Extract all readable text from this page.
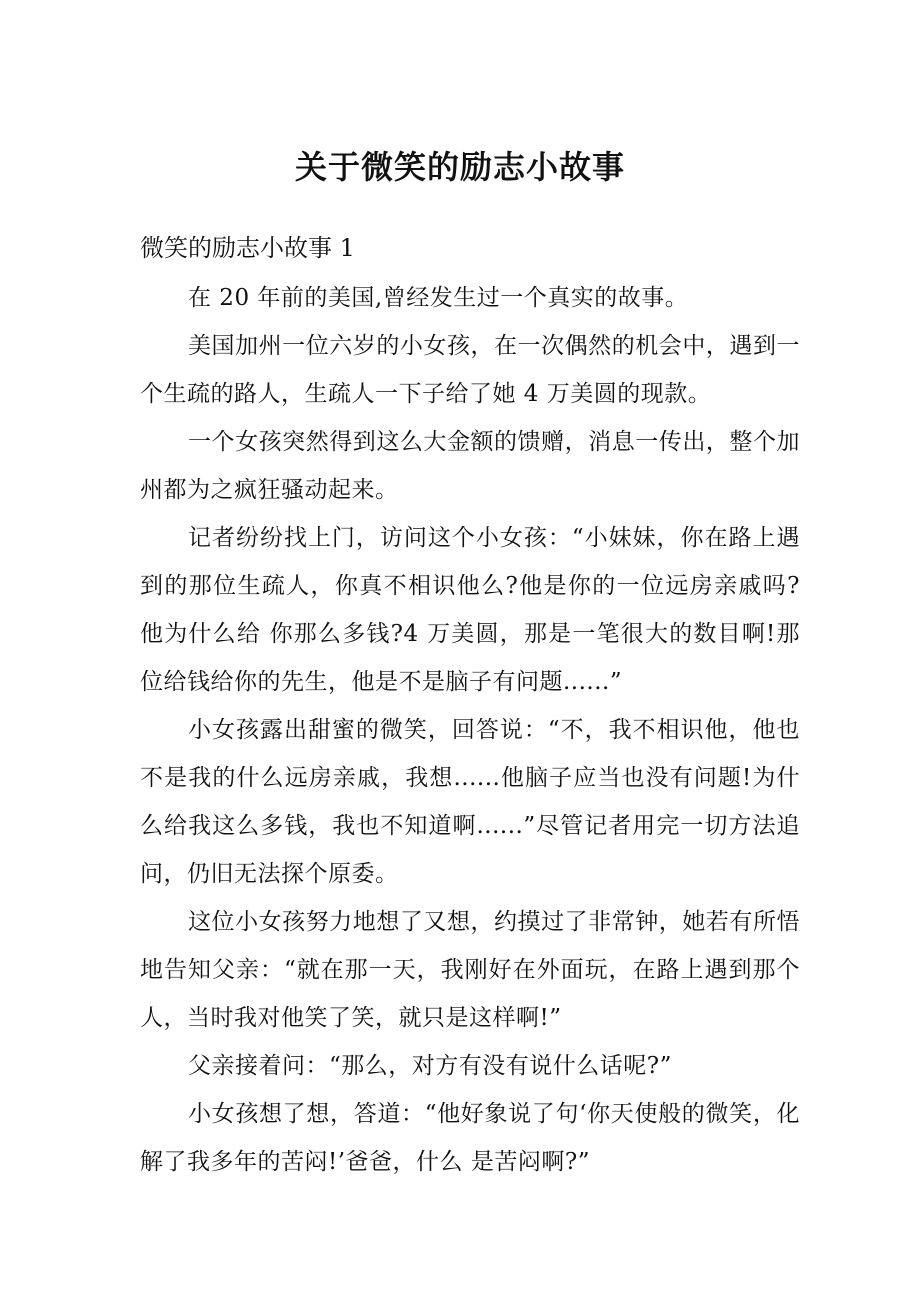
关于微笑的励志小故事

微笑的励志小故事 1

在 20 年前的美国,曾经发生过一个真实的故事。

美国加州一位六岁的小女孩，在一次偶然的机会中，遇到一个生疏的路人，生疏人一下子给了她 4 万美圆的现款。

一个女孩突然得到这么大金额的馈赠，消息一传出，整个加州都为之疯狂骚动起来。

记者纷纷找上门，访问这个小女孩：“小妹妹，你在路上遇到的那位生疏人，你真不相识他么?他是你的一位远房亲戚吗?他为什么给 你那么多钱?4 万美圆，那是一笔很大的数目啊!那位给钱给你的先生，他是不是脑子有问题......”

小女孩露出甜蜜的微笑，回答说：“不，我不相识他，他也不是我的什么远房亲戚，我想......他脑子应当也没有问题!为什么给我这么多钱，我也不知道啊......”尽管记者用完一切方法追问，仍旧无法探个原委。

这位小女孩努力地想了又想，约摸过了非常钟，她若有所悟地告知父亲：“就在那一天，我刚好在外面玩，在路上遇到那个人，当时我对他笑了笑，就只是这样啊!”

父亲接着问：“那么，对方有没有说什么话呢?”

小女孩想了想，答道：“他好象说了句‘你天使般的微笑，化解了我多年的苦闷!’爸爸，什么 是苦闷啊?”
